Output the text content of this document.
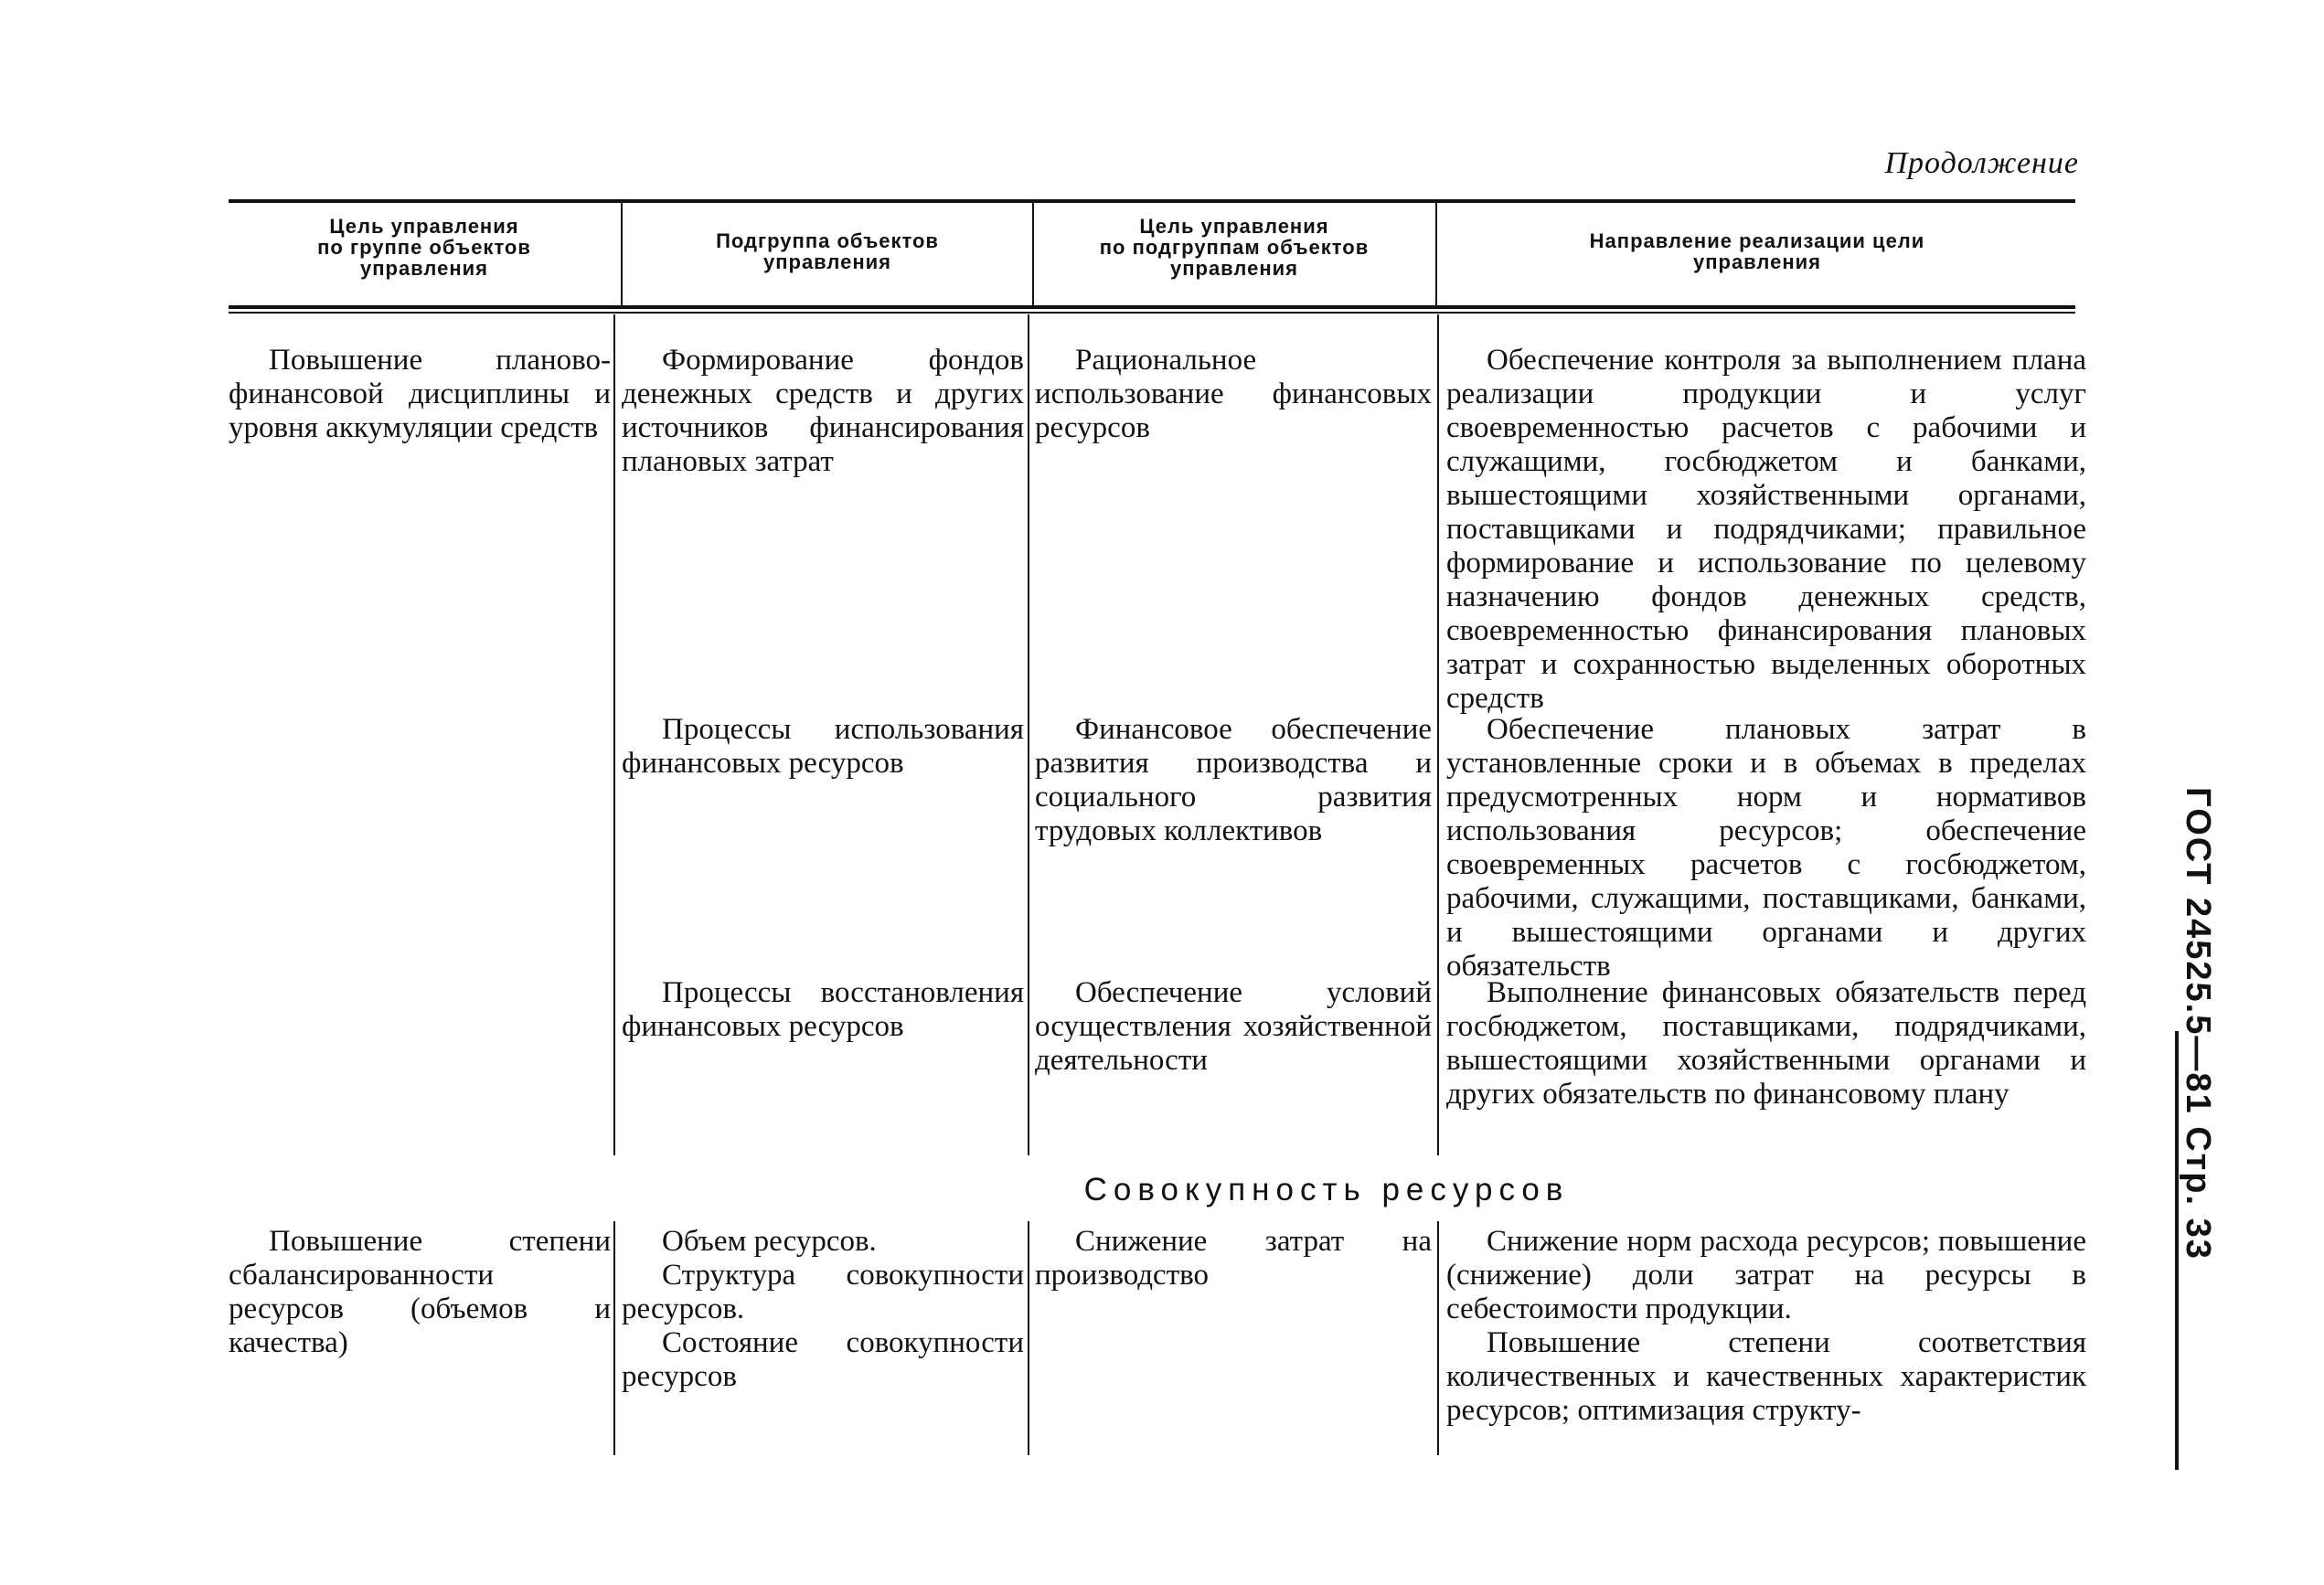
Продолжение
Цель управления
по группе объектов
управления
Подгруппа объектов
управления
Цель управления
по подгруппам объектов
управления
Направление реализации цели
управления

Повышение планово-финансовой дисциплины и уровня аккумуляции средств

Формирование фондов денежных средств и других источников финансирования плановых затрат

Рациональное использование финансовых ресурсов

Обеспечение контроля за выполнением плана реализации продукции и услуг своевременностью расчетов с рабочими и служащими, госбюджетом и банками, вышестоящими хозяйственными органами, поставщиками и подрядчиками; правильное формирование и использование по целевому назначению фондов денежных средств, своевременностью финансирования плановых затрат и сохранностью выделенных оборотных средств

Процессы использования финансовых ресурсов

Финансовое обеспечение развития производства и социального развития трудовых коллективов

Обеспечение плановых затрат в установленные сроки и в объемах в пределах предусмотренных норм и нормативов использования ресурсов; обеспечение своевременных расчетов с госбюджетом, рабочими, служащими, поставщиками, банками, и вышестоящими органами и других обязательств

Процессы восстановления финансовых ресурсов

Обеспечение условий осуществления хозяйственной деятельности

Выполнение финансовых обязательств перед госбюджетом, поставщиками, подрядчиками, вышестоящими хозяйственными органами и других обязательств по финансовому плану

Совокупность ресурсов

Повышение степени сбалансированности ресурсов (объемов и качества)

Объем ресурсов.

Структура совокупности ресурсов.

Состояние совокупности ресурсов

Снижение затрат на производство

Снижение норм расхода ресурсов; повышение (снижение) доли затрат на ресурсы в себестоимости продукции.

Повышение степени соответствия количественных и качественных характеристик ресурсов; оптимизация структу-

ГОСТ 24525.5—81 Стр. 33
